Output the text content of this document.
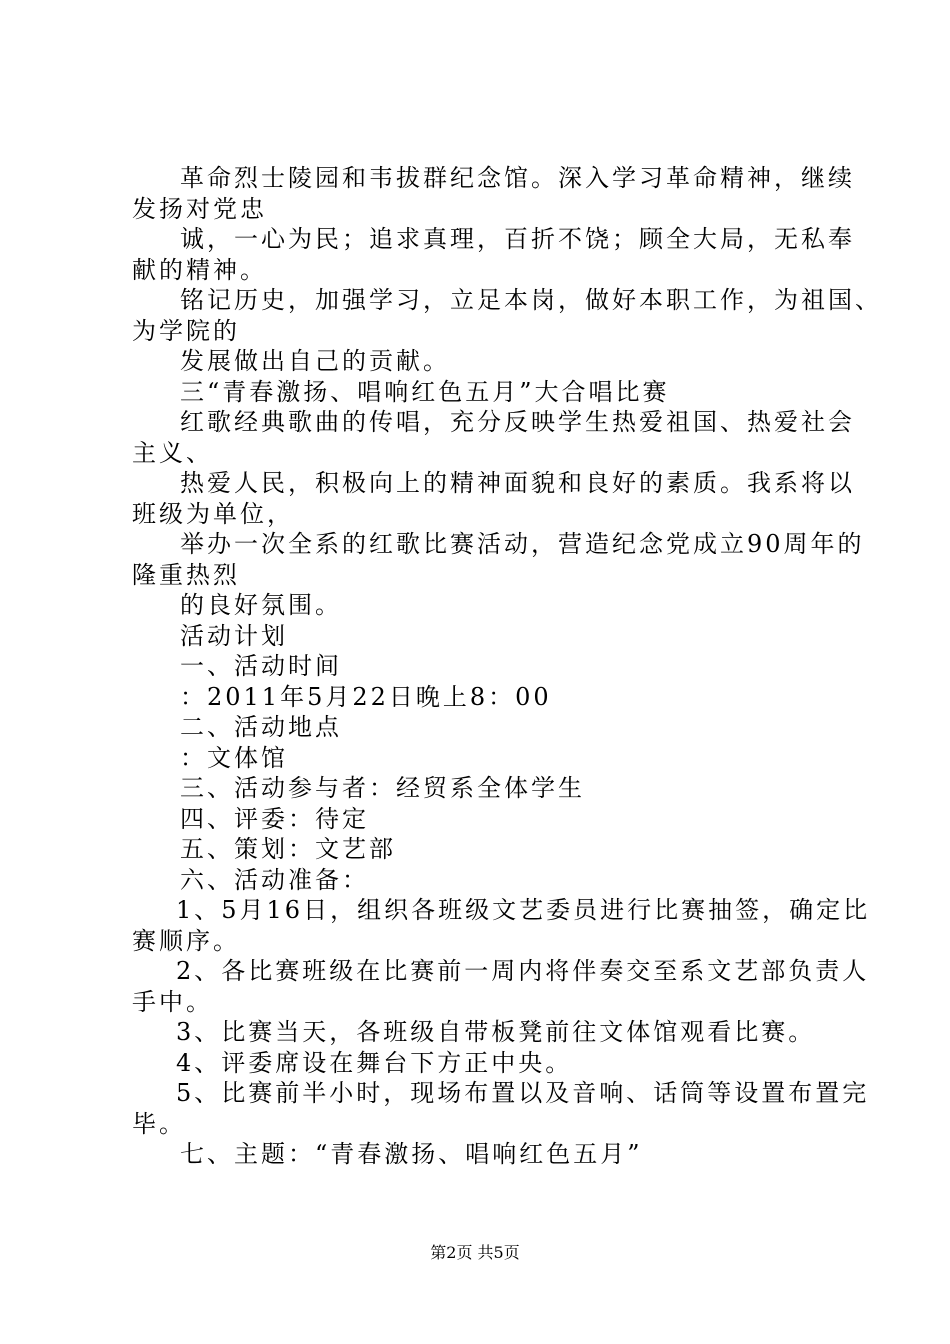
革命烈士陵园和韦拔群纪念馆。深入学习革命精神，继续
发扬对党忠
诚，一心为民；追求真理，百折不饶；顾全大局，无私奉
献的精神。
铭记历史，加强学习，立足本岗，做好本职工作，为祖国、
为学院的
发展做出自己的贡献。
三“青春激扬、唱响红色五月”大合唱比赛
红歌经典歌曲的传唱，充分反映学生热爱祖国、热爱社会
主义、
热爱人民，积极向上的精神面貌和良好的素质。我系将以
班级为单位，
举办一次全系的红歌比赛活动，营造纪念党成立90周年的
隆重热烈
的良好氛围。
活动计划
一、活动时间
：2011年5月22日晚上8：00
二、活动地点
：文体馆
三、活动参与者：经贸系全体学生
四、评委：待定
五、策划：文艺部
六、活动准备：
1、5月16日，组织各班级文艺委员进行比赛抽签，确定比
赛顺序。
2、各比赛班级在比赛前一周内将伴奏交至系文艺部负责人
手中。
3、比赛当天，各班级自带板凳前往文体馆观看比赛。
4、评委席设在舞台下方正中央。
5、比赛前半小时，现场布置以及音响、话筒等设置布置完
毕。
七、主题：“青春激扬、唱响红色五月”
第2页 共5页
